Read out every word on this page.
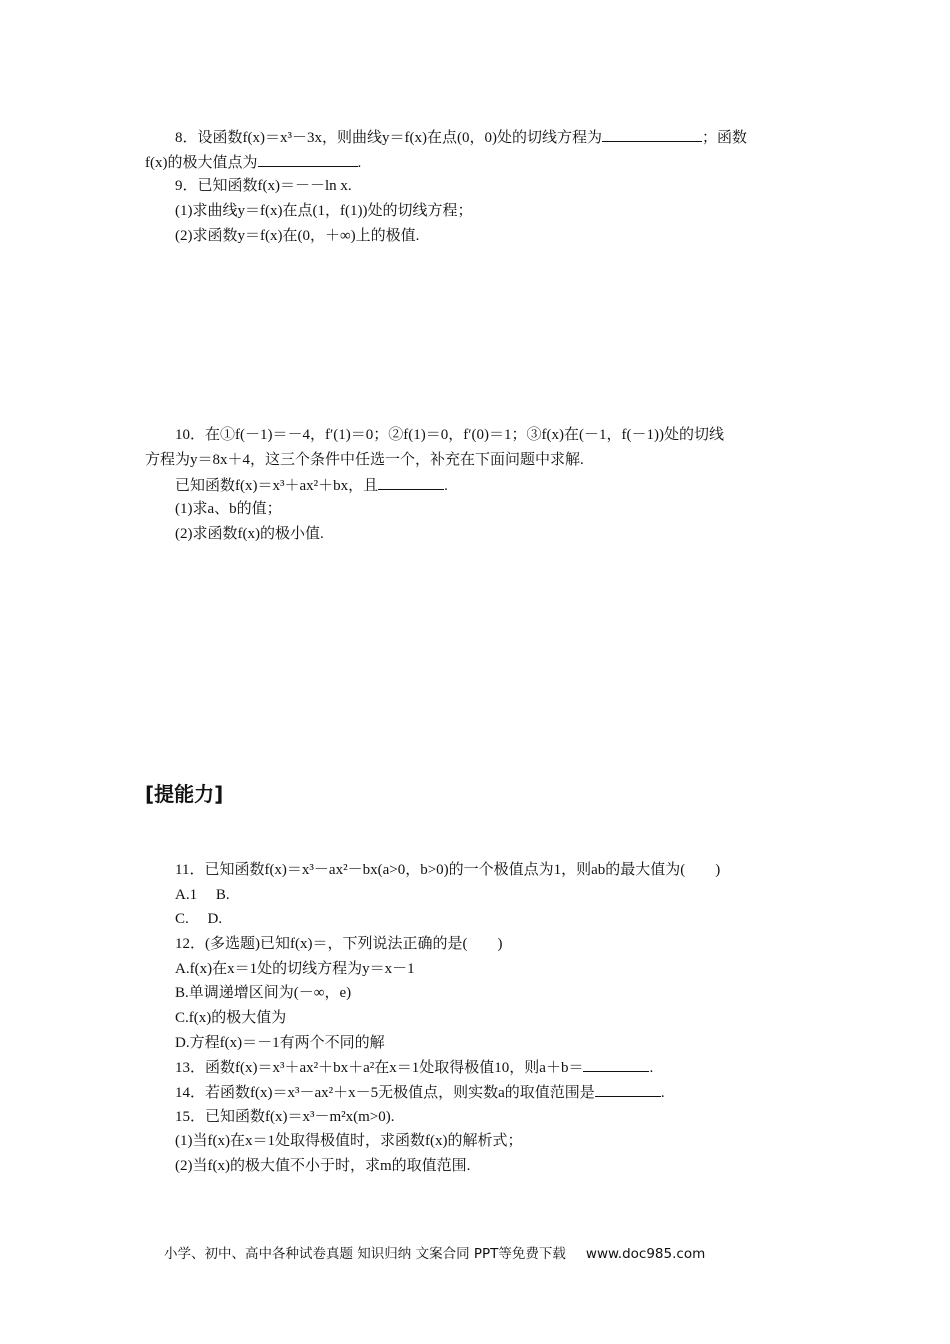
8．设函数f(x)＝x³－3x，则曲线y＝f(x)在点(0，0)处的切线方程为	；函数
f(x)的极大值点为	.
9．已知函数f(x)＝－－ln x.
(1)求曲线y＝f(x)在点(1，f(1))处的切线方程；
(2)求函数y＝f(x)在(0，＋∞)上的极值.
10．在①f(－1)＝－4，f′(1)＝0；②f(1)＝0，f′(0)＝1；③f(x)在(－1，f(－1))处的切线
方程为y＝8x＋4，这三个条件中任选一个，补充在下面问题中求解.
已知函数f(x)＝x³＋ax²＋bx，且	.
(1)求a、b的值；
(2)求函数f(x)的极小值.
[提能力]
11．已知函数f(x)＝x³－ax²－bx(a>0，b>0)的一个极值点为1，则ab的最大值为(　　)
A.1　 B.
C.　 D.
12．(多选题)已知f(x)＝，下列说法正确的是(　　)
A.f(x)在x＝1处的切线方程为y＝x－1
B.单调递增区间为(－∞，e)
C.f(x)的极大值为
D.方程f(x)＝－1有两个不同的解
13．函数f(x)＝x³＋ax²＋bx＋a²在x＝1处取得极值10，则a＋b＝	.
14．若函数f(x)＝x³－ax²＋x－5无极值点，则实数a的取值范围是	.
15．已知函数f(x)＝x³－m²x(m>0).
(1)当f(x)在x＝1处取得极值时，求函数f(x)的解析式；
(2)当f(x)的极大值不小于时，求m的取值范围.
小学、初中、高中各种试卷真题 知识归纳 文案合同 PPT等免费下载 www.doc985.com
